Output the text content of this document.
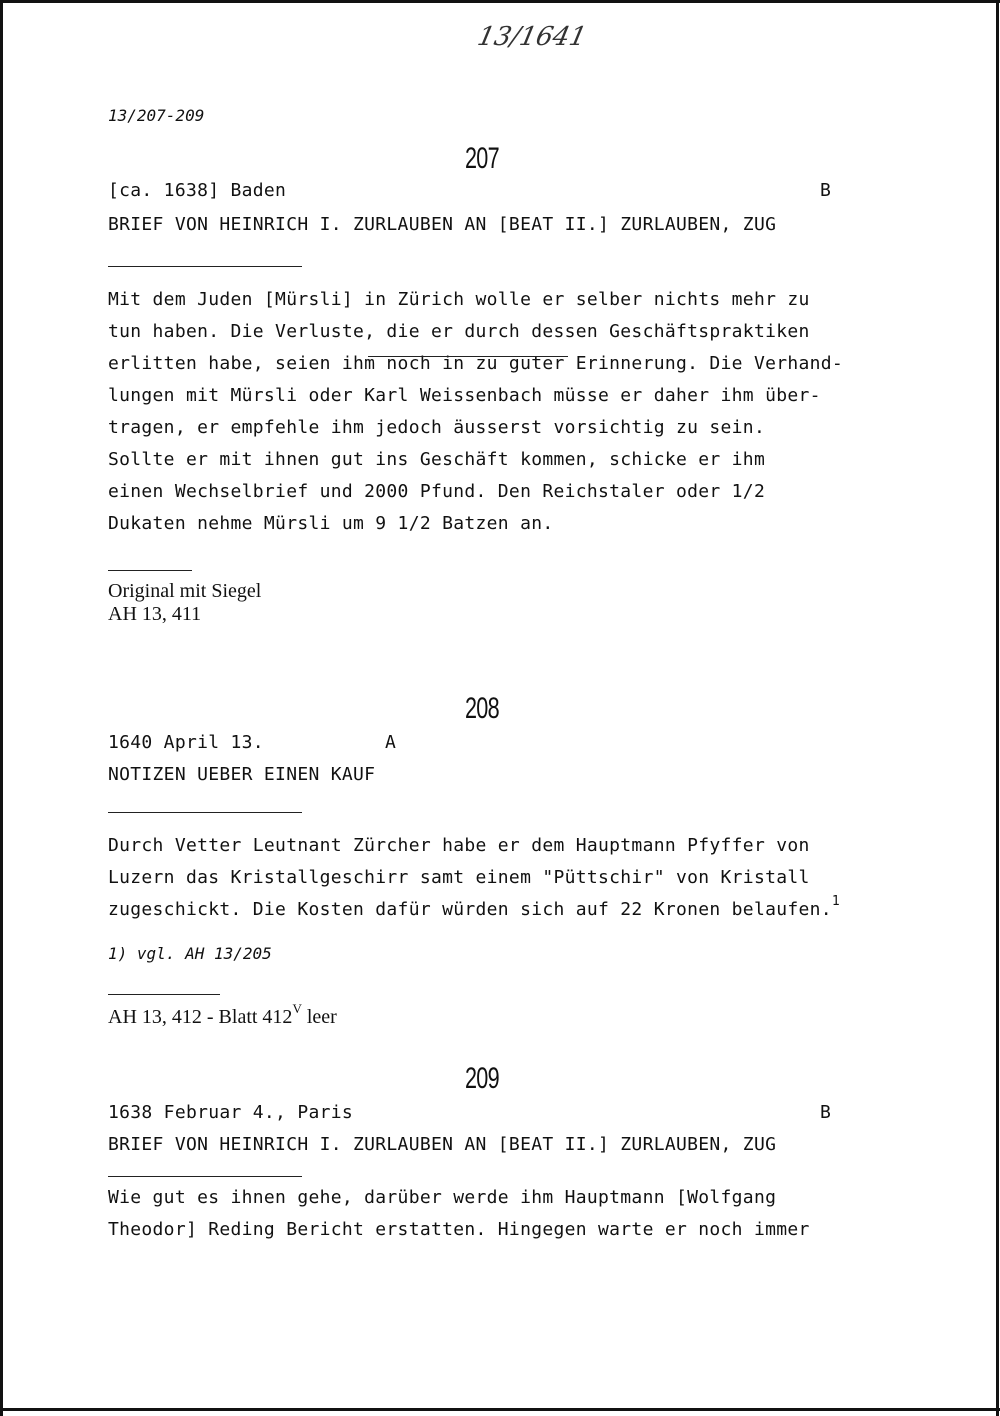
13/1641
13/207-209
207
[ca. 1638] Baden	B
BRIEF VON HEINRICH I. ZURLAUBEN AN [BEAT II.] ZURLAUBEN, ZUG
Mit dem Juden [Mürsli] in Zürich wolle er selber nichts mehr zu
tun haben. Die Verluste, die er durch dessen Geschäftspraktiken
erlitten habe, seien ihm noch in zu guter Erinnerung. Die Verhand-
lungen mit Mürsli oder Karl Weissenbach müsse er daher ihm über-
tragen, er empfehle ihm jedoch äusserst vorsichtig zu sein.
Sollte er mit ihnen gut ins Geschäft kommen, schicke er ihm
einen Wechselbrief und 2000 Pfund. Den Reichstaler oder 1/2
Dukaten nehme Mürsli um 9 1/2 Batzen an.
Original mit Siegel
AH 13, 411
208
1640 April 13.	A
NOTIZEN UEBER EINEN KAUF
Durch Vetter Leutnant Zürcher habe er dem Hauptmann Pfyffer von
Luzern das Kristallgeschirr samt einem "Püttschir" von Kristall
zugeschickt. Die Kosten dafür würden sich auf 22 Kronen belaufen.$^1$
1) vgl. AH 13/205
AH 13, 412 - Blatt $412^V$ leer
209
1638 Februar 4., Paris	B
BRIEF VON HEINRICH I. ZURLAUBEN AN [BEAT II.] ZURLAUBEN, ZUG
Wie gut es ihnen gehe, darüber werde ihm Hauptmann [Wolfgang
Theodor] Reding Bericht erstatten. Hingegen warte er noch immer
